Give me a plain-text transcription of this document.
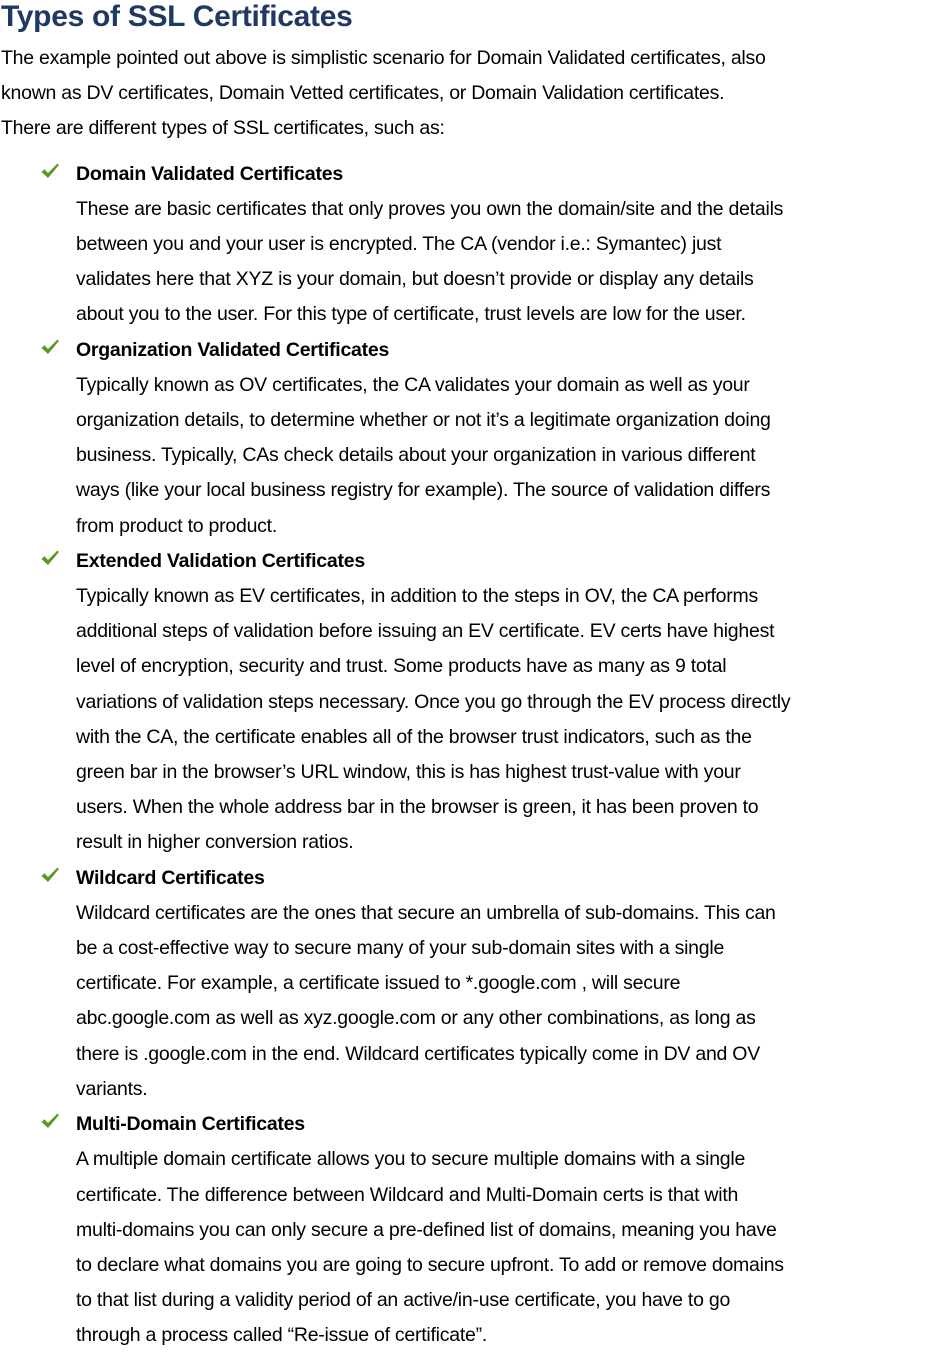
Types of SSL Certificates

The example pointed out above is simplistic scenario for Domain Validated certificates, also
known as DV certificates, Domain Vetted certificates, or Domain Validation certificates.
There are different types of SSL certificates, such as:

Domain Validated Certificates
These are basic certificates that only proves you own the domain/site and the details
between you and your user is encrypted. The CA (vendor i.e.: Symantec) just
validates here that XYZ is your domain, but doesn’t provide or display any details
about you to the user. For this type of certificate, trust levels are low for the user.
Organization Validated Certificates
Typically known as OV certificates, the CA validates your domain as well as your
organization details, to determine whether or not it’s a legitimate organization doing
business. Typically, CAs check details about your organization in various different
ways (like your local business registry for example). The source of validation differs
from product to product.
Extended Validation Certificates
Typically known as EV certificates, in addition to the steps in OV, the CA performs
additional steps of validation before issuing an EV certificate. EV certs have highest
level of encryption, security and trust. Some products have as many as 9 total
variations of validation steps necessary. Once you go through the EV process directly
with the CA, the certificate enables all of the browser trust indicators, such as the
green bar in the browser’s URL window, this is has highest trust-value with your
users. When the whole address bar in the browser is green, it has been proven to
result in higher conversion ratios.
Wildcard Certificates
Wildcard certificates are the ones that secure an umbrella of sub-domains. This can
be a cost-effective way to secure many of your sub-domain sites with a single
certificate. For example, a certificate issued to *.google.com , will secure
abc.google.com as well as xyz.google.com or any other combinations, as long as
there is .google.com in the end. Wildcard certificates typically come in DV and OV
variants.
Multi-Domain Certificates
A multiple domain certificate allows you to secure multiple domains with a single
certificate. The difference between Wildcard and Multi-Domain certs is that with
multi-domains you can only secure a pre-defined list of domains, meaning you have
to declare what domains you are going to secure upfront. To add or remove domains
to that list during a validity period of an active/in-use certificate, you have to go
through a process called “Re-issue of certificate”.
